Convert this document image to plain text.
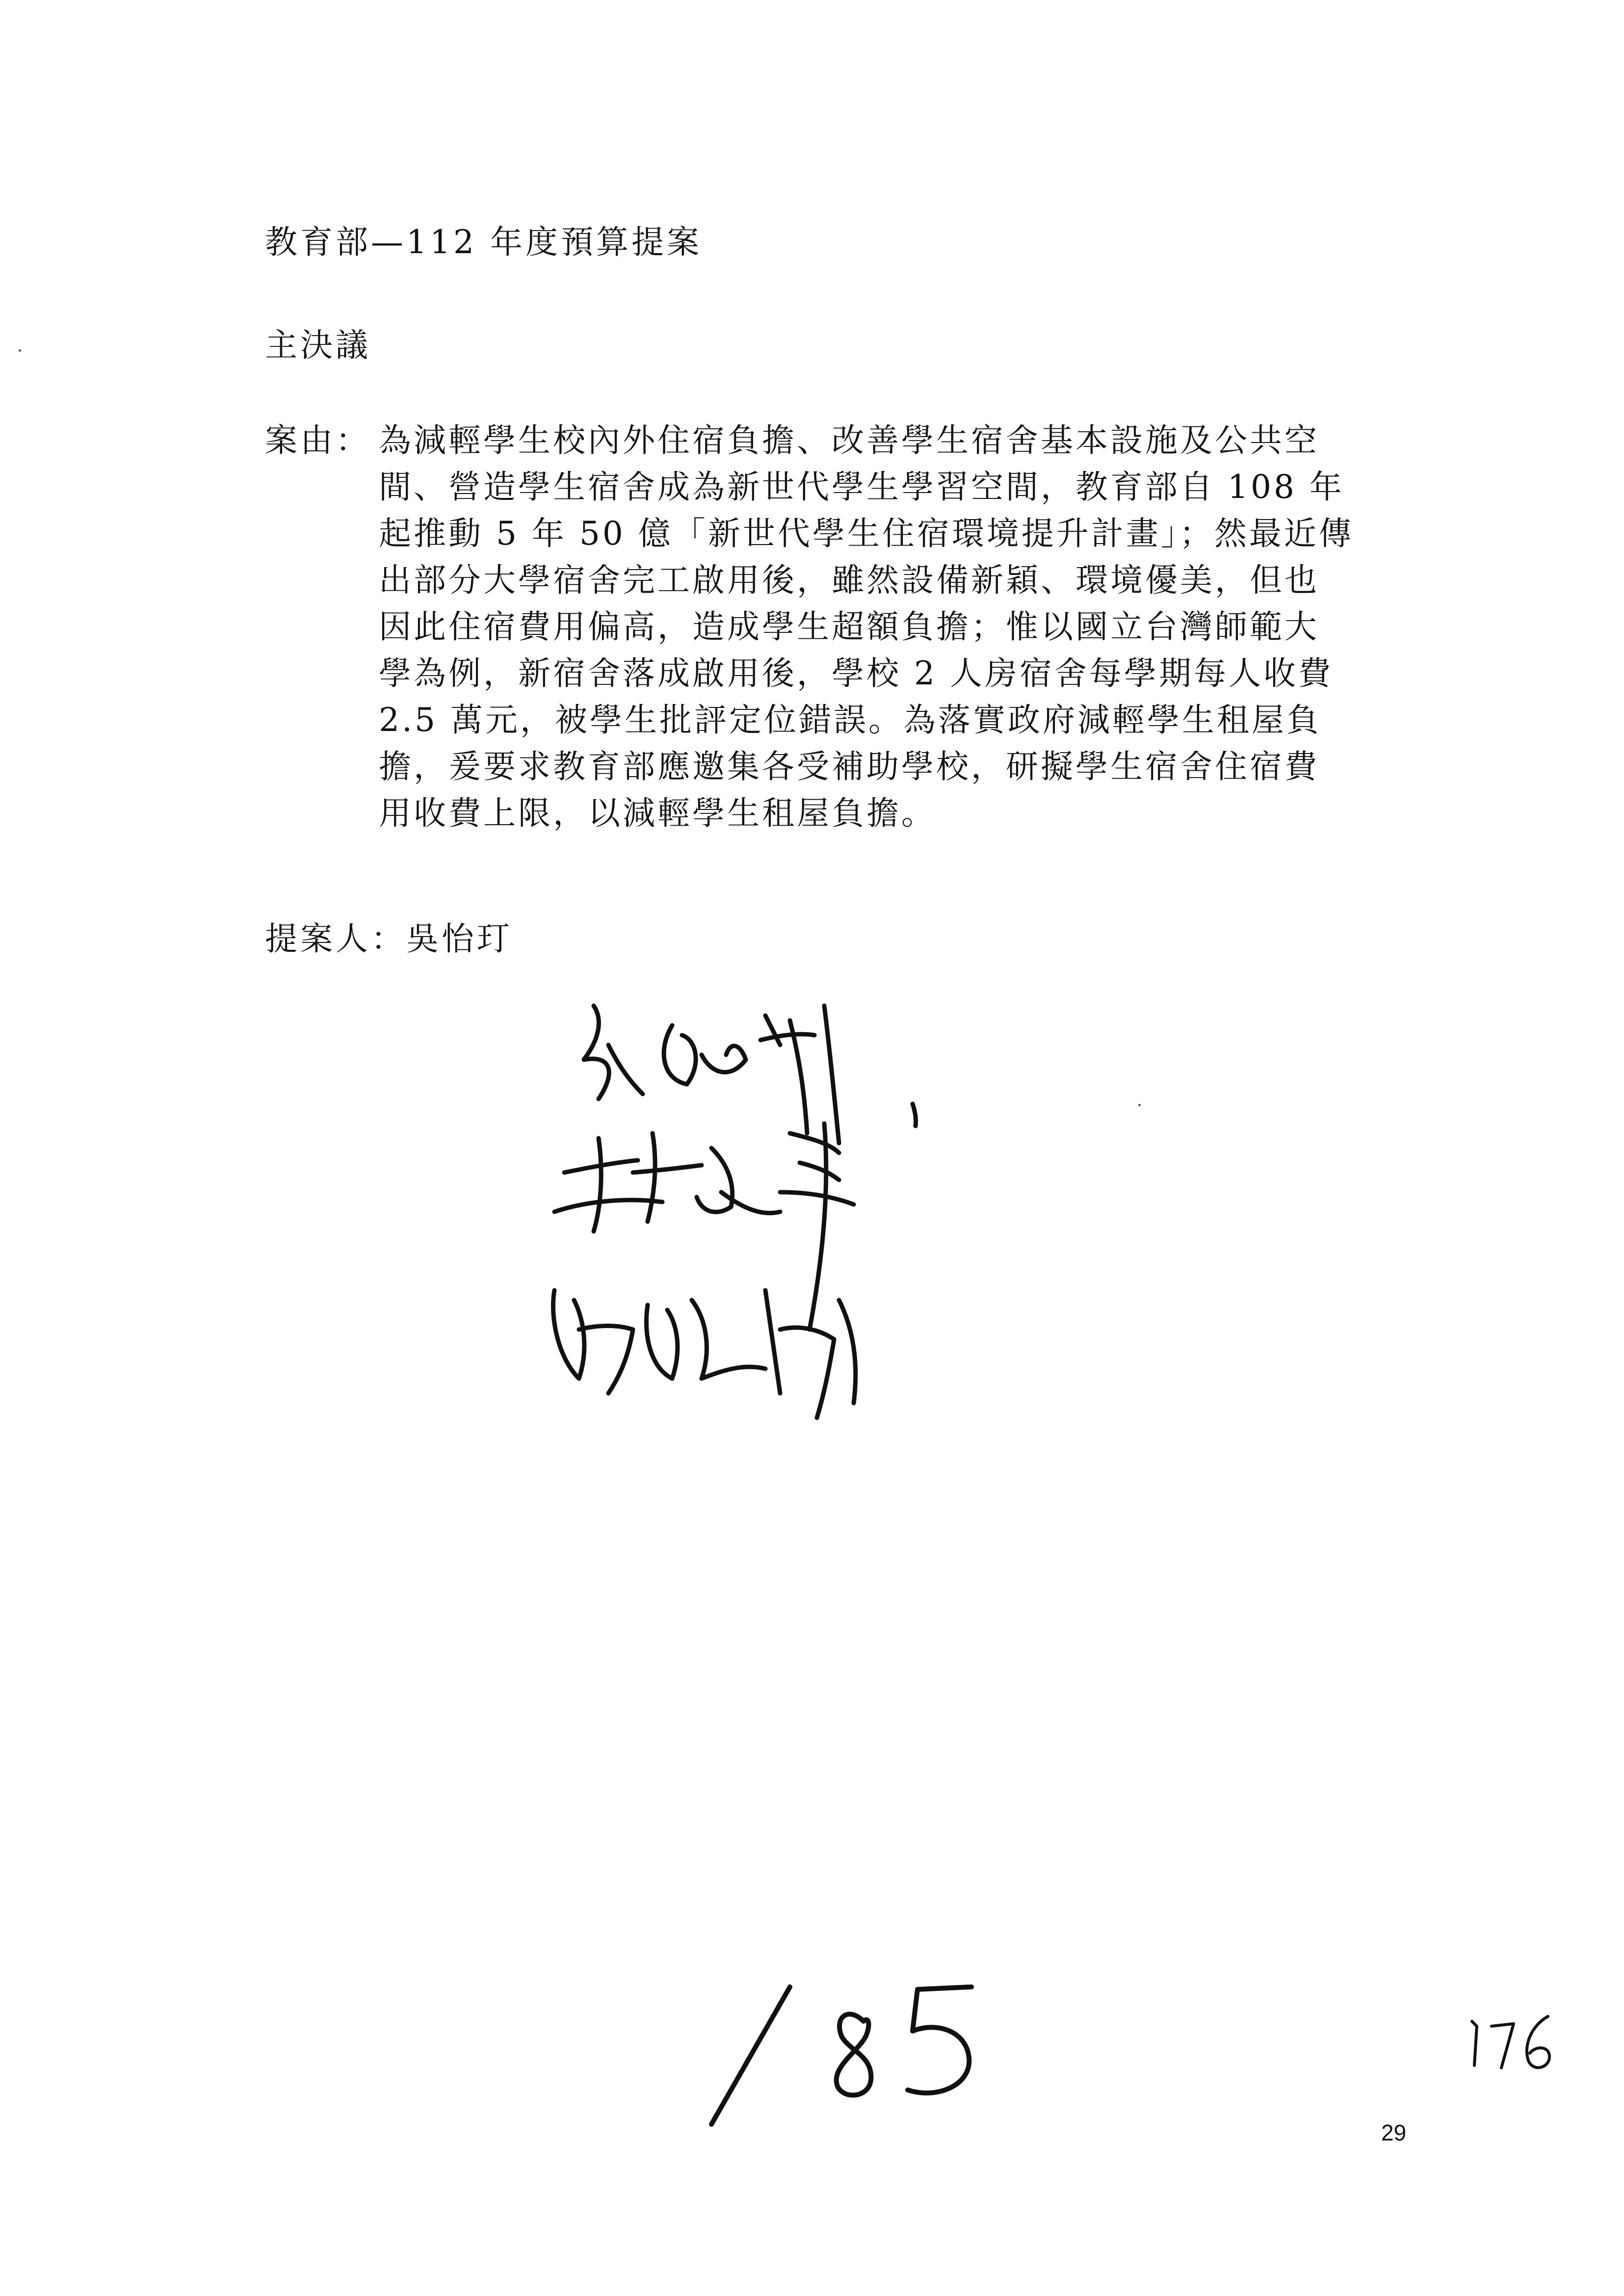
教育部—112 年度預算提案
主決議
案由： 為減輕學生校內外住宿負擔、改善學生宿舍基本設施及公共空
間、營造學生宿舍成為新世代學生學習空間，教育部自 108 年
起推動 5 年 50 億「新世代學生住宿環境提升計畫」；然最近傳
出部分大學宿舍完工啟用後，雖然設備新穎、環境優美，但也
因此住宿費用偏高，造成學生超額負擔；惟以國立台灣師範大
學為例，新宿舍落成啟用後，學校 2 人房宿舍每學期每人收費
2.5 萬元，被學生批評定位錯誤。為落實政府減輕學生租屋負
擔，爰要求教育部應邀集各受補助學校，研擬學生宿舍住宿費
用收費上限，以減輕學生租屋負擔。
提案人：吳怡玎
29
